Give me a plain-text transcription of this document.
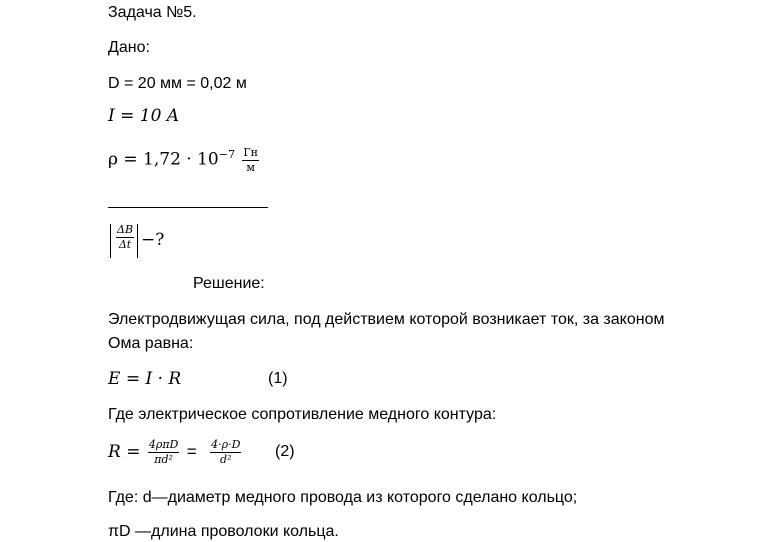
Задача №5.
Дано:
D = 20 мм = 0,02 м
I = 10 A
$\rho = 1,72 \cdot 10^{-7} \frac{Гн}{м}$
$\frac{\Delta B}{\Delta t}$ −?
Решение:
Электродвижущая сила, под действием которой возникает ток, за законом
Ома равна:
E = I · R	(1)
Где электрическое сопротивление медного контура:
$R = \frac{\text{4ρπD}}{\text{πd²}} = \frac{4\cdot\rho\cdot D}{\text{d²}} (2)$
Где: d—диаметр медного провода из которого сделано кольцо;
πD —длина проволоки кольца.
